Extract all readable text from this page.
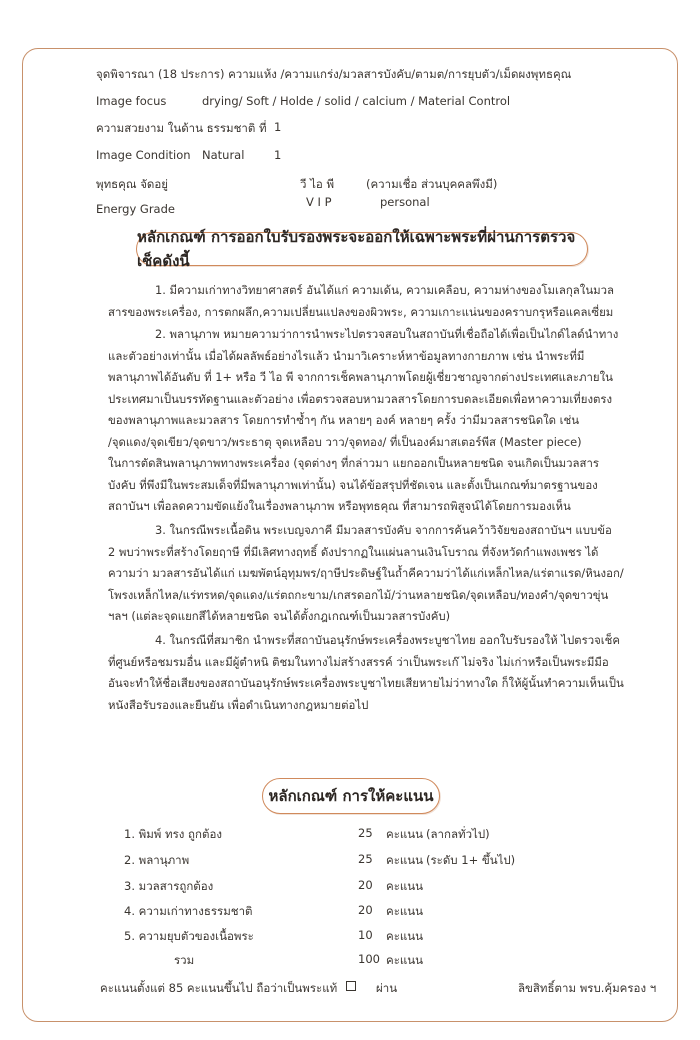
จุดพิจารณา (18 ประการ) ความแห้ง /ความแกร่ง/มวลสารบังคับ/ตามต/การยุบตัว/เม็ดผงพุทธคุณ
Image focus	drying/ Soft / Holde / solid / calcium / Material Control
ความสวยงาม ในด้าน ธรรมชาติ ที่ 1
Image Condition Natural	1
พุทธคุณ จัดอยู่	วี ไอ พี	(ความเชื่อ ส่วนบุคคลพึงมี)
Energy Grade	V I P	personal
หลักเกณฑ์ การออกใบรับรองพระจะออกให้เฉพาะพระที่ผ่านการตรวจเช็คดังนี้

1. มีความเก่าทางวิทยาศาสตร์ อันได้แก่ ความเด้น, ความเคลือบ, ความห่างของโมเลกุลในมวล

สารของพระเครื่อง, การตกผลึก,ความเปลี่ยนแปลงของผิวพระ, ความเกาะแน่นของคราบกรุหรือแคลเซี่ยม

2. พลานุภาพ หมายความว่าการนำพระไปตรวจสอบในสถาบันที่เชื่อถือได้เพื่อเป็นไกด์ไลด์นำทาง

และตัวอย่างเท่านั้น เมื่อได้ผลลัพธ์อย่างไรแล้ว นำมาวิเคราะห์หาข้อมูลทางกายภาพ เช่น นำพระที่มี

พลานุภาพได้อันดับ ที่ 1+ หรือ วี ไอ พี จากการเช็คพลานุภาพโดยผู้เชี่ยวชาญจากต่างประเทศและภายใน

ประเทศมาเป็นบรรทัดฐานและตัวอย่าง เพื่อตรวจสอบหามวลสารโดยการบดละเอียดเพื่อหาความเที่ยงตรง

ของพลานุภาพและมวลสาร โดยการทำซ้ำๆ กัน หลายๆ องค์ หลายๆ ครั้ง ว่ามีมวลสารชนิดใด เช่น

/จุดแดง/จุดเขียว/จุดขาว/พระธาตุ จุดเหลือบ วาว/จุดทอง/ ที่เป็นองค์มาสเตอร์พีส (Master piece)

ในการตัดสินพลานุภาพทางพระเครื่อง (จุดต่างๆ ที่กล่าวมา แยกออกเป็นหลายชนิด จนเกิดเป็นมวลสาร

บังคับ ที่พึงมีในพระสมเด็จที่มีพลานุภาพเท่านั้น) จนได้ข้อสรุปที่ชัดเจน และตั้งเป็นเกณฑ์มาตรฐานของ

สถาบันฯ เพื่อลดความขัดแย้งในเรื่องพลานุภาพ หรือพุทธคุณ ที่สามารถพิสูจน์ได้โดยการมองเห็น

3. ในกรณีพระเนื้อดิน พระเบญจภาคี มีมวลสารบังคับ จากการค้นคว้าวิจัยของสถาบันฯ แบบข้อ

2 พบว่าพระที่สร้างโดยฤาษี ที่มีเลิศทางฤทธิ์ ดังปรากฏในแผ่นลานเงินโบราณ ที่จังหวัดกำแพงเพชร ได้

ความว่า มวลสารอันได้แก่ เมฆพัตน์อุทุมพร/ฤาษีประดิษฐ์ในถ้ำคีความว่าได้แก่เหล็กไหล/แร่ตาแรด/หินงอก/

โพรงเหล็กไหล/แร่ทรหด/จุดแดง/แร่ตถกะขาม/เกสรดอกไม้/ว่านหลายชนิด/จุดเหลือบ/ทองคำ/จุดขาวขุ่น

ฯลฯ (แต่ละจุดแยกสีได้หลายชนิด จนได้ตั้งกฎเกณฑ์เป็นมวลสารบังคับ)

4. ในกรณีที่สมาชิก นำพระที่สถาบันอนุรักษ์พระเครื่องพระบูชาไทย ออกใบรับรองให้ ไปตรวจเช็ค

ที่ศูนย์หรือชมรมอื่น และมีผู้ตำหนิ ติชมในทางไม่สร้างสรรค์ ว่าเป็นพระเก๊ ไม่จริง ไม่เก่าหรือเป็นพระมีมือ

อันจะทำให้ชื่อเสียงของสถาบันอนุรักษ์พระเครื่องพระบูชาไทยเสียหายไม่ว่าทางใด ก็ให้ผู้นั้นทำความเห็นเป็น

หนังสือรับรองและยืนยัน เพื่อดำเนินทางกฎหมายต่อไป

หลักเกณฑ์ การให้คะแนน
1. พิมพ์ ทรง ถูกต้อง	25 คะแนน (ลากลทั่วไป)
2. พลานุภาพ	25 คะแนน (ระดับ 1+ ขึ้นไป)
3. มวลสารถูกต้อง	20 คะแนน
4. ความเก่าทางธรรมชาติ	20 คะแนน
5. ความยุบตัวของเนื้อพระ	10 คะแนน
รวม	100 คะแนน
คะแนนตั้งแต่ 85 คะแนนขึ้นไป ถือว่าเป็นพระแท้	ผ่าน	ลิขสิทธิ์ตาม พรบ.คุ้มครอง ฯ
